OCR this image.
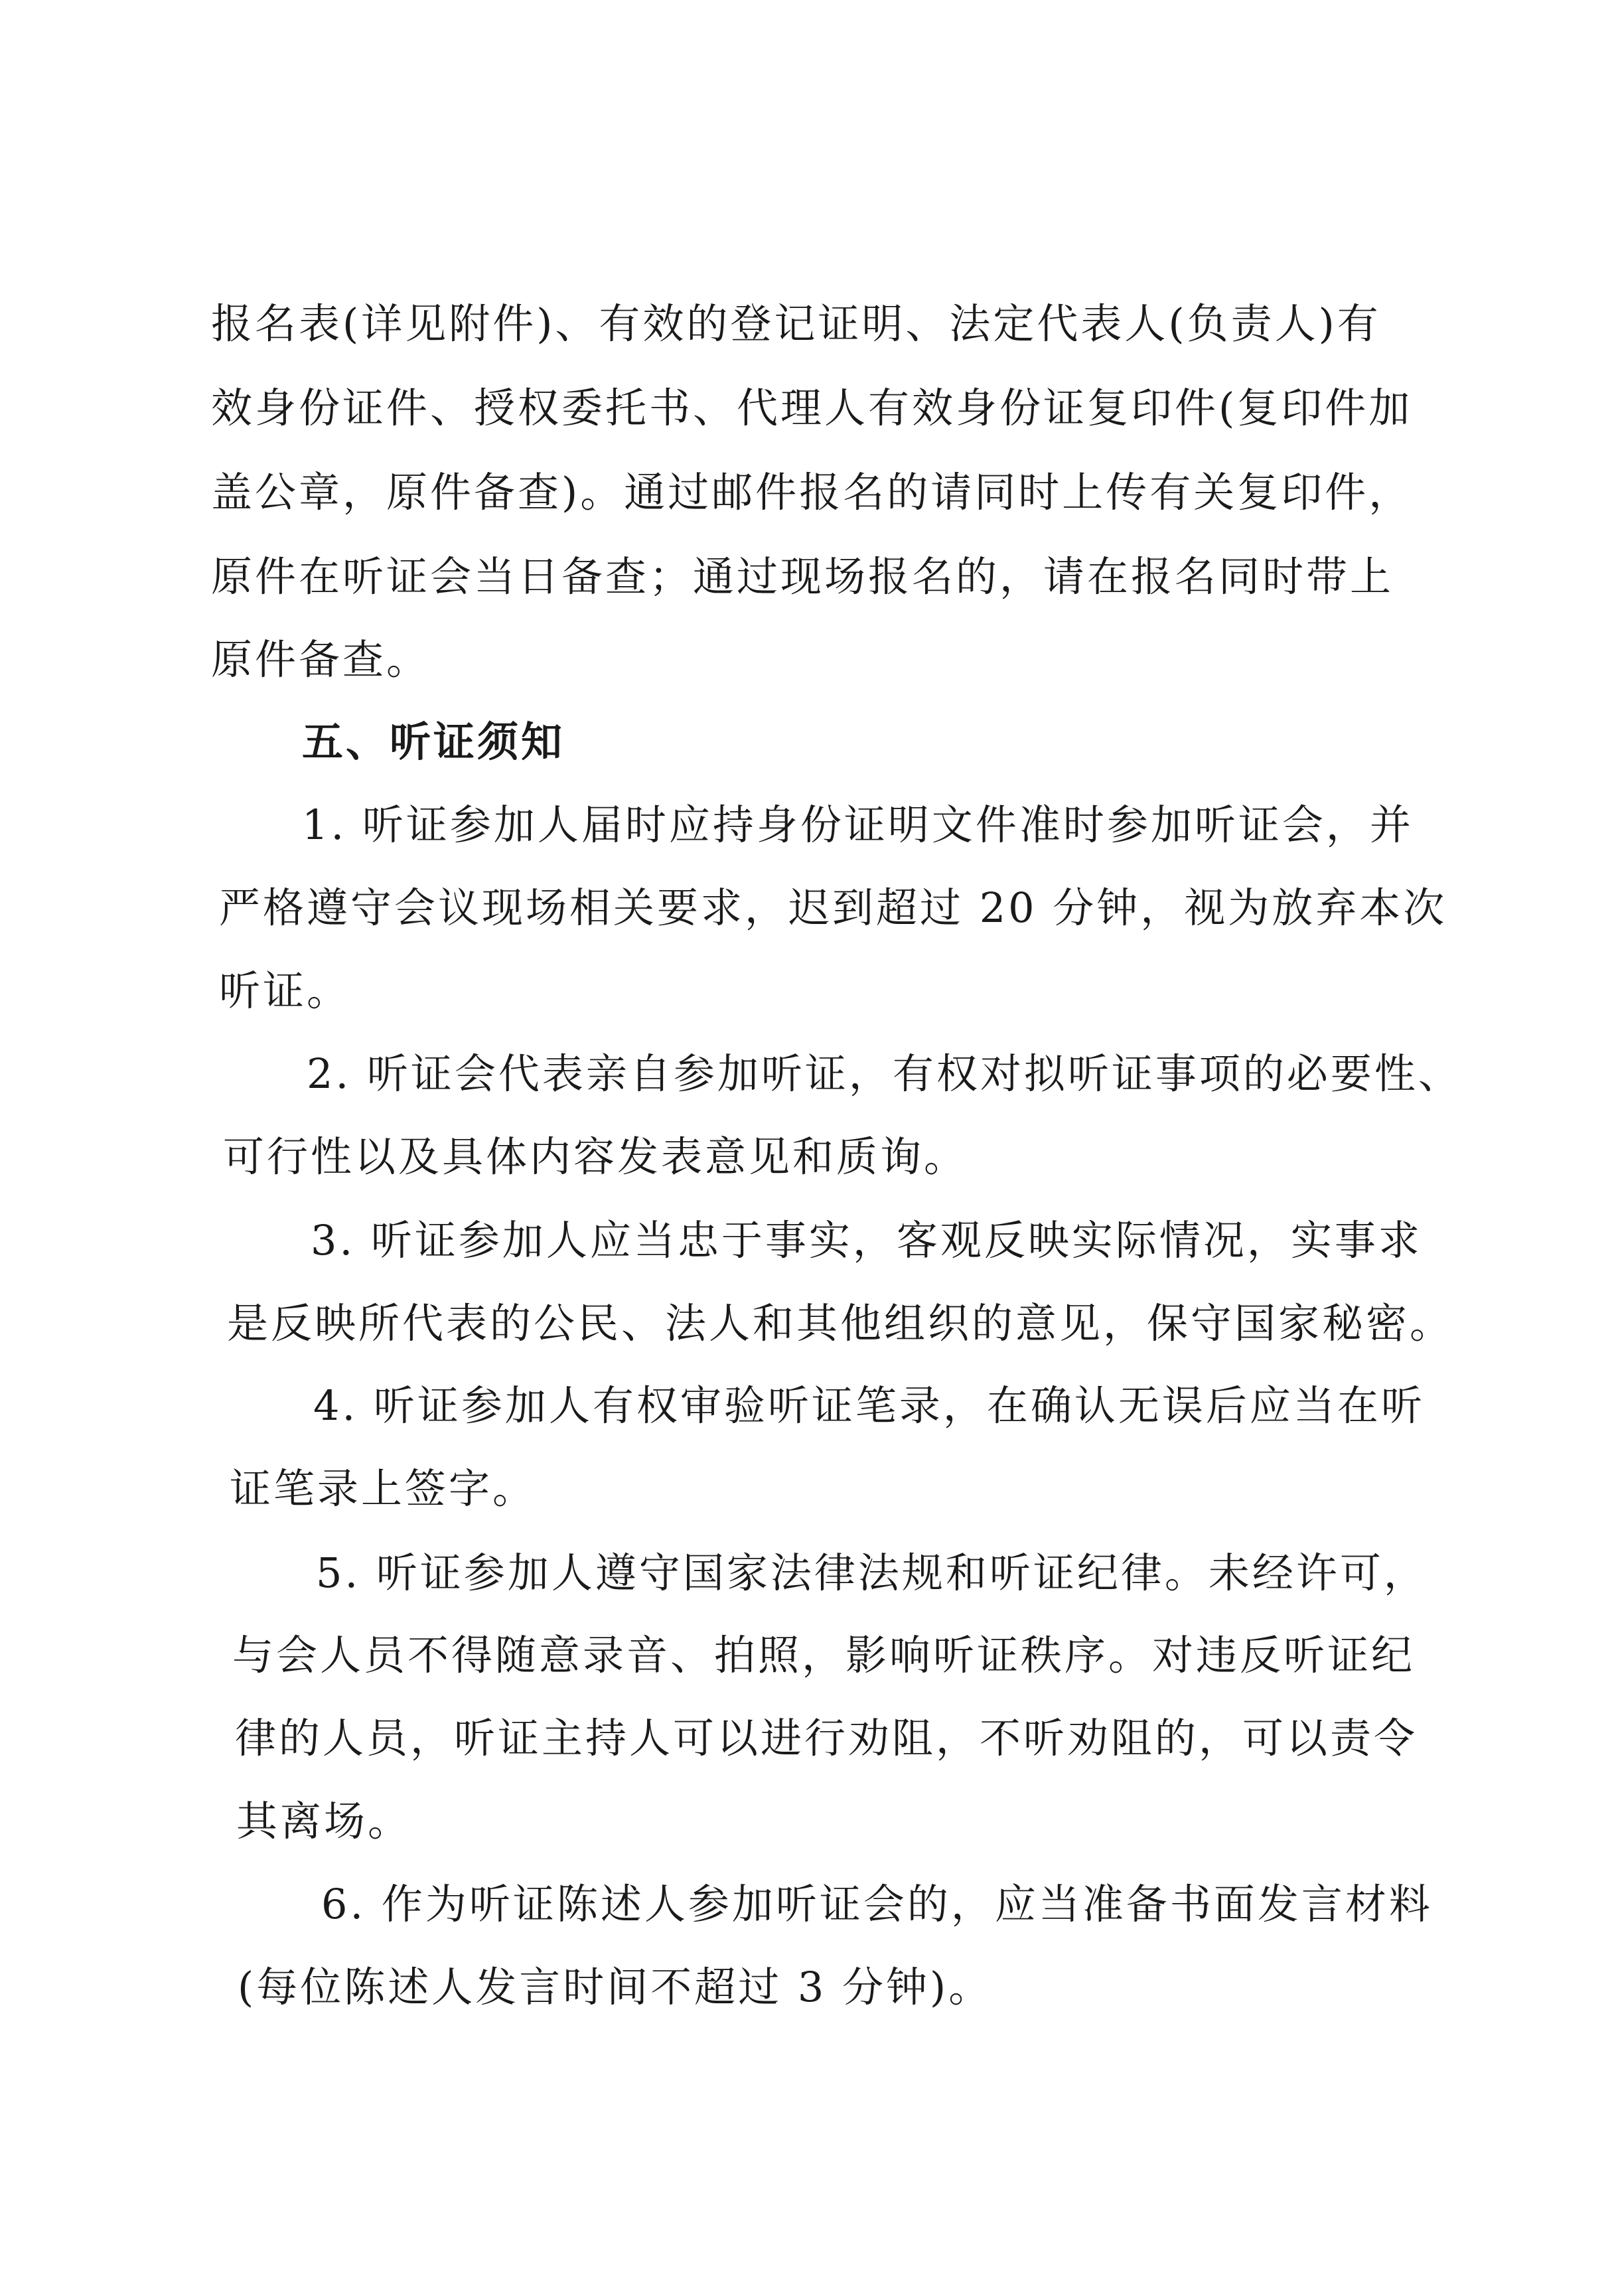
报名表(详见附件)、有效的登记证明、法定代表人(负责人)有
效身份证件、授权委托书、代理人有效身份证复印件(复印件加
盖公章，原件备查)。通过邮件报名的请同时上传有关复印件，
原件在听证会当日备查；通过现场报名的，请在报名同时带上
原件备查。
五、听证须知
1. 听证参加人届时应持身份证明文件准时参加听证会，并
严格遵守会议现场相关要求，迟到超过 20 分钟，视为放弃本次
听证。
2. 听证会代表亲自参加听证，有权对拟听证事项的必要性、
可行性以及具体内容发表意见和质询。
3. 听证参加人应当忠于事实，客观反映实际情况，实事求
是反映所代表的公民、法人和其他组织的意见，保守国家秘密。
4. 听证参加人有权审验听证笔录，在确认无误后应当在听
证笔录上签字。
5. 听证参加人遵守国家法律法规和听证纪律。未经许可，
与会人员不得随意录音、拍照，影响听证秩序。对违反听证纪
律的人员，听证主持人可以进行劝阻，不听劝阻的，可以责令
其离场。
6. 作为听证陈述人参加听证会的，应当准备书面发言材料
(每位陈述人发言时间不超过 3 分钟)。
